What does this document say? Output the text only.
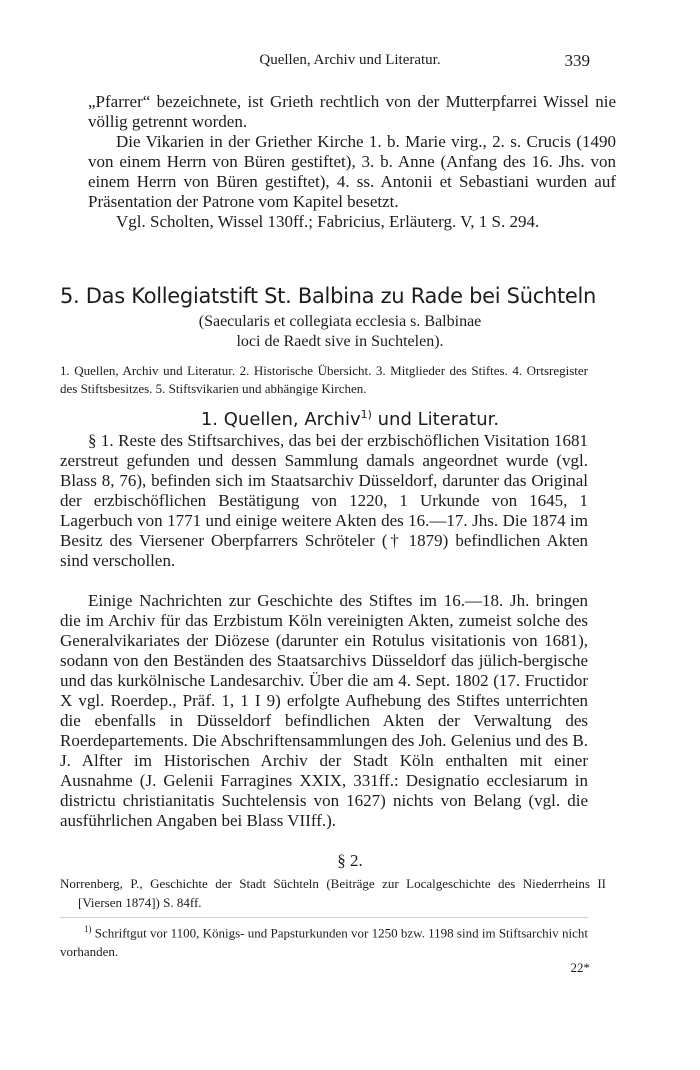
Quellen, Archiv und Literatur.	339
„Pfarrer“ bezeichnete, ist Grieth rechtlich von der Mutterpfarrei Wissel nie völlig getrennt worden.
Die Vikarien in der Griether Kirche 1. b. Marie virg., 2. s. Crucis (1490 von einem Herrn von Büren gestiftet), 3. b. Anne (Anfang des 16. Jhs. von einem Herrn von Büren gestiftet), 4. ss. Antonii et Sebastiani wurden auf Präsentation der Patrone vom Kapitel besetzt.
Vgl. Scholten, Wissel 130ff.; Fabricius, Erläuterg. V, 1 S. 294.
5. Das Kollegiatstift St. Balbina zu Rade bei Süchteln
(Saecularis et collegiata ecclesia s. Balbinae
loci de Raedt sive in Suchtelen).
1. Quellen, Archiv und Literatur. 2. Historische Übersicht. 3. Mitglieder des Stiftes. 4. Ortsregister des Stiftsbesitzes. 5. Stiftsvikarien und abhängige Kirchen.
1. Quellen, Archiv$^{1)}$ und Literatur.
§ 1. Reste des Stiftsarchives, das bei der erzbischöflichen Visitation 1681 zerstreut gefunden und dessen Sammlung damals angeordnet wurde (vgl. Blass 8, 76), befinden sich im Staatsarchiv Düsseldorf, darunter das Original der erzbischöflichen Bestätigung von 1220, 1 Urkunde von 1645, 1 Lagerbuch von 1771 und einige weitere Akten des 16.—17. Jhs. Die 1874 im Besitz des Viersener Oberpfarrers Schröteler († 1879) befindlichen Akten sind verschollen.
Einige Nachrichten zur Geschichte des Stiftes im 16.—18. Jh. bringen die im Archiv für das Erzbistum Köln vereinigten Akten, zumeist solche des Generalvikariates der Diözese (darunter ein Rotulus visitationis von 1681), sodann von den Beständen des Staatsarchivs Düsseldorf das jülich-bergische und das kurkölnische Landesarchiv. Über die am 4. Sept. 1802 (17. Fructidor X vgl. Roerdep., Präf. 1, 1 I 9) erfolgte Aufhebung des Stiftes unterrichten die ebenfalls in Düsseldorf befindlichen Akten der Verwaltung des Roerdepartements. Die Abschriftensammlungen des Joh. Gelenius und des B. J. Alfter im Historischen Archiv der Stadt Köln enthalten mit einer Ausnahme (J. Gelenii Farragines XXIX, 331ff.: Designatio ecclesiarum in districtu christianitatis Suchtelensis von 1627) nichts von Belang (vgl. die ausführlichen Angaben bei Blass VIIff.).
§ 2.
Norrenberg, P., Geschichte der Stadt Süchteln (Beiträge zur Localgeschichte des Niederrheins II [Viersen 1874]) S. 84ff.
$^{1)}$ Schriftgut vor 1100, Königs- und Papsturkunden vor 1250 bzw. 1198 sind im Stiftsarchiv nicht vorhanden.
22*
